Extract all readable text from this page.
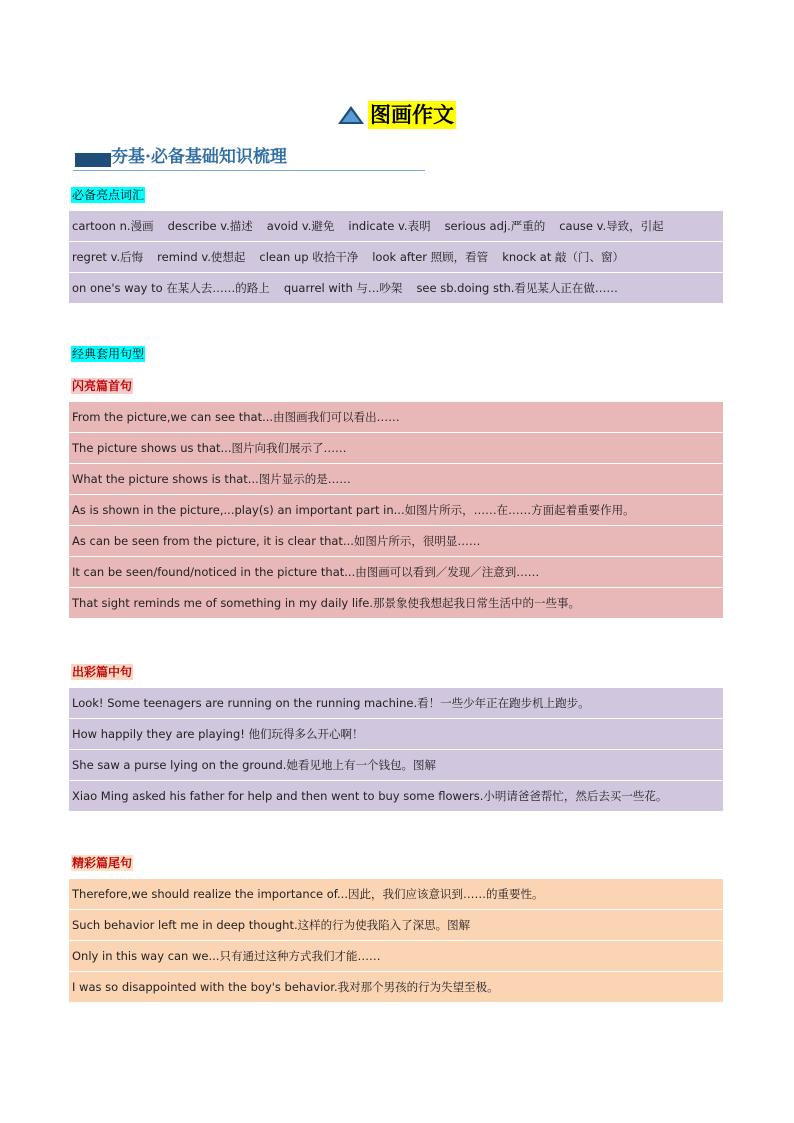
图画作文
夯基·必备基础知识梳理
必备亮点词汇
cartoon n.漫画 describe v.描述 avoid v.避免 indicate v.表明 serious adj.严重的 cause v.导致，引起
regret v.后悔 remind v.使想起 clean up 收拾干净 look after 照顾，看管 knock at 敲（门、窗）
on one's way to 在某人去……的路上 quarrel with 与…吵架 see sb.doing sth.看见某人正在做……
经典套用句型
闪亮篇首句
From the picture,we can see that...由图画我们可以看出……
The picture shows us that...图片向我们展示了……
What the picture shows is that...图片显示的是……
As is shown in the picture,...play(s) an important part in...如图片所示，……在……方面起着重要作用。
As can be seen from the picture, it is clear that...如图片所示，很明显……
It can be seen/found/noticed in the picture that...由图画可以看到／发现／注意到……
That sight reminds me of something in my daily life.那景象使我想起我日常生活中的一些事。
出彩篇中句
Look! Some teenagers are running on the running machine.看！一些少年正在跑步机上跑步。
How happily they are playing! 他们玩得多么开心啊！
She saw a purse lying on the ground.她看见地上有一个钱包。图解
Xiao Ming asked his father for help and then went to buy some flowers.小明请爸爸帮忙，然后去买一些花。
精彩篇尾句
Therefore,we should realize the importance of...因此，我们应该意识到……的重要性。
Such behavior left me in deep thought.这样的行为使我陷入了深思。图解
Only in this way can we...只有通过这种方式我们才能……
I was so disappointed with the boy's behavior.我对那个男孩的行为失望至极。
